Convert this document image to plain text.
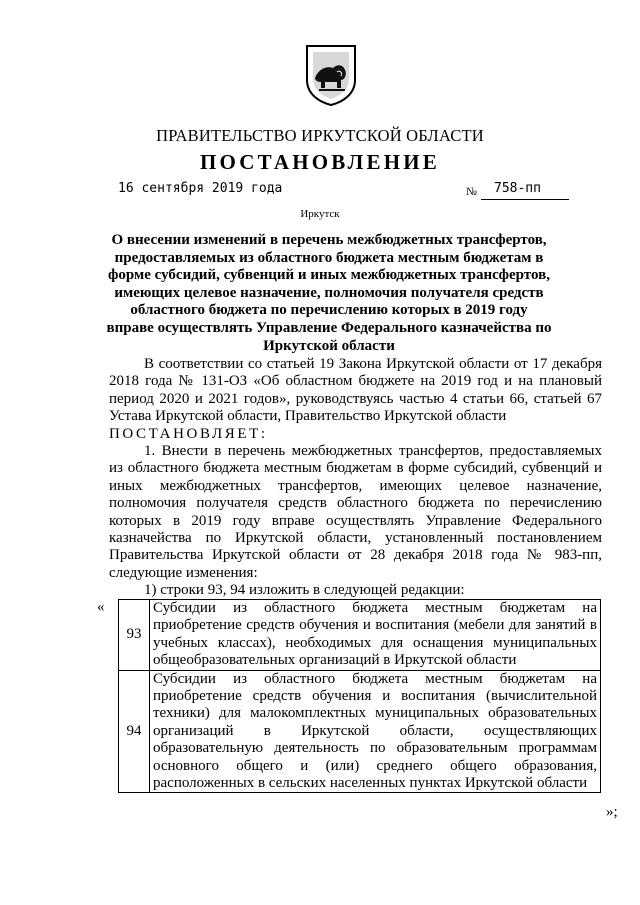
ПРАВИТЕЛЬСТВО ИРКУТСКОЙ ОБЛАСТИ
ПОСТАНОВЛЕНИЕ
16 сентября 2019 года	№ 758-пп
Иркутск
О внесении изменений в перечень межбюджетных трансфертов, предоставляемых из областного бюджета местным бюджетам в форме субсидий, субвенций и иных межбюджетных трансфертов, имеющих целевое назначение, полномочия получателя средств областного бюджета по перечислению которых в 2019 году вправе осуществлять Управление Федерального казначейства по Иркутской области

В соответствии со статьей 19 Закона Иркутской области от 17 декабря 2018 года № 131-ОЗ «Об областном бюджете на 2019 год и на плановый период 2020 и 2021 годов», руководствуясь частью 4 статьи 66, статьей 67 Устава Иркутской области, Правительство Иркутской области

ПОСТАНОВЛЯЕТ:

1. Внести в перечень межбюджетных трансфертов, предоставляемых из областного бюджета местным бюджетам в форме субсидий, субвенций и иных межбюджетных трансфертов, имеющих целевое назначение, полномочия получателя средств областного бюджета по перечислению которых в 2019 году вправе осуществлять Управление Федерального казначейства по Иркутской области, установленный постановлением Правительства Иркутской области от 28 декабря 2018 года № 983-пп, следующие изменения:

1) строки 93, 94 изложить в следующей редакции:

«
93	Субсидии из областного бюджета местным бюджетам на приобретение средств обучения и воспитания (мебели для занятий в учебных классах), необходимых для оснащения муниципальных общеобразовательных организаций в Иркутской области
94	Субсидии из областного бюджета местным бюджетам на приобретение средств обучения и воспитания (вычислительной техники) для малокомплектных муниципальных образовательных организаций в Иркутской области, осуществляющих образовательную деятельность по образовательным программам основного общего и (или) среднего общего образования, расположенных в сельских населенных пунктах Иркутской области
»;
